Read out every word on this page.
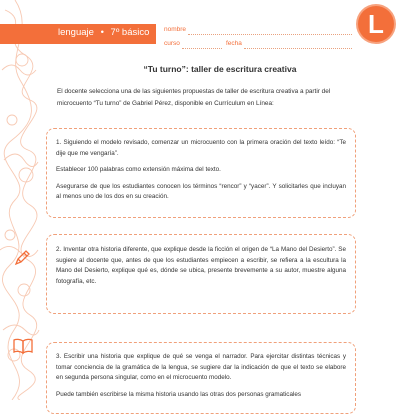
lenguaje • 7º básico nombre
curso	fecha
L
“Tu turno”: taller de escritura creativa
El docente selecciona una de las siguientes propuestas de taller de escritura creativa a partir del microcuento “Tu turno” de Gabriel Pérez, disponible en Currículum en Línea:

1. Siguiendo el modelo revisado, comenzar un microcuento con la primera oración del texto leído: “Te dije que me vengaría”.

Establecer 100 palabras como extensión máxima del texto.

Asegurarse de que los estudiantes conocen los términos “rencor” y “yacer”. Y solicitarles que incluyan al menos uno de los dos en su creación.

2. Inventar otra historia diferente, que explique desde la ficción el origen de “La Mano del Desierto”. Se sugiere al docente que, antes de que los estudiantes empiecen a escribir, se refiera a la escultura la Mano del Desierto, explique qué es, dónde se ubica, presente brevemente a su autor, muestre alguna fotografía, etc.

3. Escribir una historia que explique de qué se venga el narrador. Para ejercitar distintas técnicas y tomar conciencia de la gramática de la lengua, se sugiere dar la indicación de que el texto se elabore en segunda persona singular, como en el microcuento modelo.

Puede también escribirse la misma historia usando las otras dos personas gramaticales
